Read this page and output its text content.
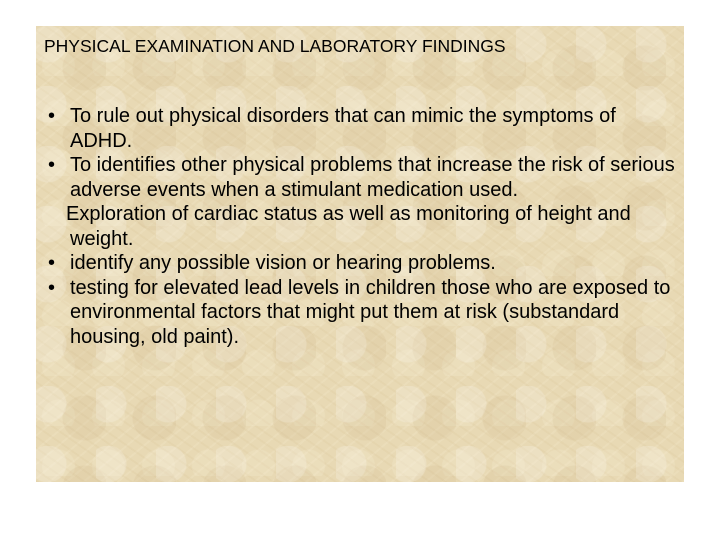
PHYSICAL EXAMINATION AND LABORATORY FINDINGS
• To rule out physical disorders that can mimic the symptoms of ADHD.
• To identifies other physical problems that increase the risk of serious adverse events when a stimulant medication used.
Exploration of cardiac status as well as monitoring of height and weight.
• identify any possible vision or hearing problems.
• testing for elevated lead levels in children those who are exposed to environmental factors that might put them at risk (substandard housing, old paint).
